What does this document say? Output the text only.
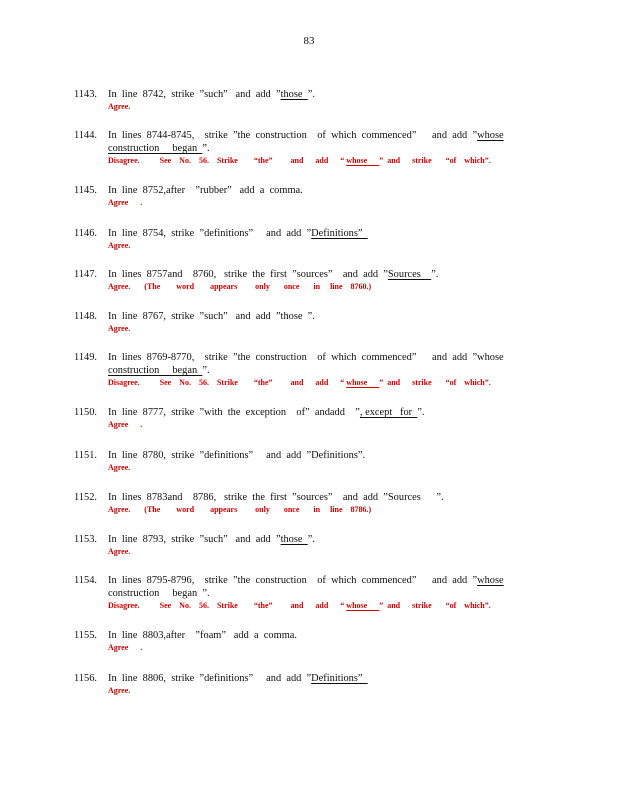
83
1143.	In  line  8742,  strike  ”such”   and  add  ”those  ”.
Agree.
1144.	In  lines  8744-8745,    strike  ”the  construction    of  which  commenced”      and  add  ”whose
construction     began  ”.
Disagree.          See    No.    56.    Strike        “the”         and      add      “ whose      ”  and      strike       “of    which”.
1145.	In  line  8752,after    ”rubber”   add  a  comma.
Agree      .
1146.	In  line  8754,  strike  ”definitions”     and  add  ”Definitions”
Agree.
1147.	In  lines  8757and    8760,   strike  the  first  ”sources”    and  add  ”Sources    ”.
Agree.       (The        word        appears         only       once       in     line    8760.)
1148.	In  line  8767,  strike  ”such”   and  add  ”those  ”.
Agree.
1149.	In  lines  8769-8770,    strike  ”the  construction    of  which  commenced”      and  add  ”whose
construction     began  ”.
Disagree.          See    No.    56.    Strike        “the”         and      add      “ whose      ”  and      strike       “of    which”.
1150.	In  line  8777,  strike  ”with  the  exception    of”  andadd    ”, except   for  ”.
Agree      .
1151.	In  line  8780,  strike  ”definitions”     and  add  ”Definitions”.
Agree.
1152.	In  lines  8783and    8786,   strike  the  first  ”sources”    and  add  ”Sources      ”.
Agree.       (The        word        appears         only       once       in     line    8786.)
1153.	In  line  8793,  strike  ”such”   and  add  ”those  ”.
Agree.
1154.	In  lines  8795-8796,    strike  ”the  construction    of  which  commenced”      and  add  ”whose
construction     began  ”.
Disagree.          See    No.    56.    Strike        “the”         and      add      “ whose      ”  and      strike       “of    which”.
1155.	In  line  8803,after    ”foam”   add  a  comma.
Agree      .
1156.	In  line  8806,  strike  ”definitions”     and  add  ”Definitions”
Agree.
